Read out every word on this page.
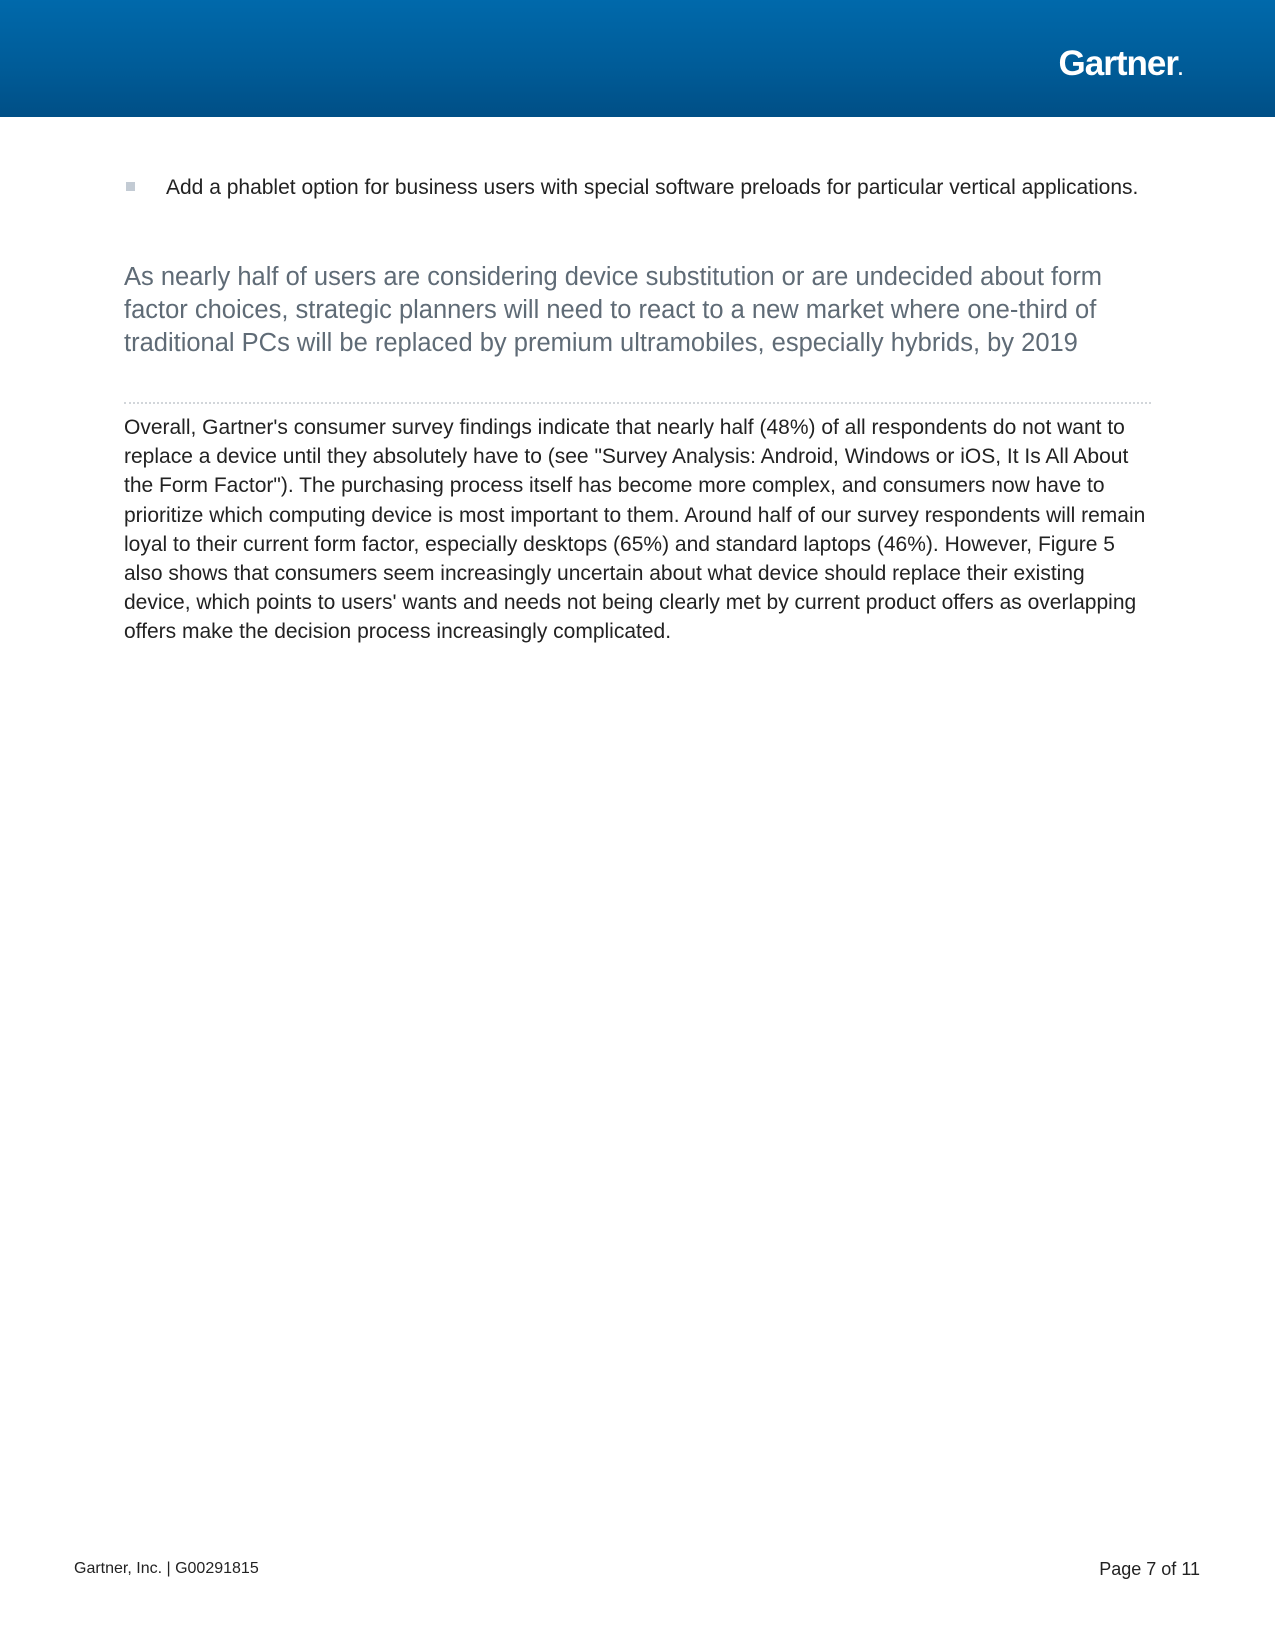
Gartner.
Add a phablet option for business users with special software preloads for particular vertical applications.
As nearly half of users are considering device substitution or are undecided about form factor choices, strategic planners will need to react to a new market where one-third of traditional PCs will be replaced by premium ultramobiles, especially hybrids, by 2019

Overall, Gartner's consumer survey findings indicate that nearly half (48%) of all respondents do not want to replace a device until they absolutely have to (see "Survey Analysis: Android, Windows or iOS, It Is All About the Form Factor"). The purchasing process itself has become more complex, and consumers now have to prioritize which computing device is most important to them. Around half of our survey respondents will remain loyal to their current form factor, especially desktops (65%) and standard laptops (46%). However, Figure 5 also shows that consumers seem increasingly uncertain about what device should replace their existing device, which points to users' wants and needs not being clearly met by current product offers as overlapping offers make the decision process increasingly complicated.

Gartner, Inc. | G00291815	Page 7 of 11
